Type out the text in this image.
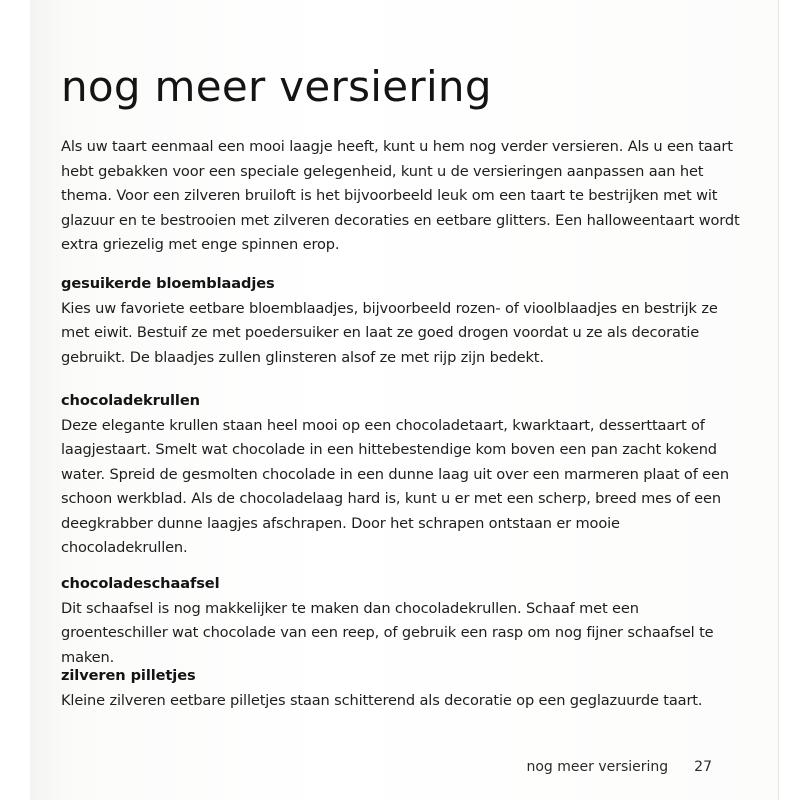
nog meer versiering

Als uw taart eenmaal een mooi laagje heeft, kunt u hem nog verder versieren. Als u een taart hebt gebakken voor een speciale gelegenheid, kunt u de versieringen aanpassen aan het thema. Voor een zilveren bruiloft is het bijvoorbeeld leuk om een taart te bestrijken met wit glazuur en te bestrooien met zilveren decoraties en eetbare glitters. Een halloweentaart wordt extra griezelig met enge spinnen erop.

gesuikerde bloemblaadjes

Kies uw favoriete eetbare bloemblaadjes, bijvoorbeeld rozen- of vioolblaadjes en bestrijk ze met eiwit. Bestuif ze met poedersuiker en laat ze goed drogen voordat u ze als decoratie gebruikt. De blaadjes zullen glinsteren alsof ze met rijp zijn bedekt.

chocoladekrullen

Deze elegante krullen staan heel mooi op een chocoladetaart, kwarktaart, desserttaart of laagjestaart. Smelt wat chocolade in een hittebestendige kom boven een pan zacht kokend water. Spreid de gesmolten chocolade in een dunne laag uit over een marmeren plaat of een schoon werkblad. Als de chocoladelaag hard is, kunt u er met een scherp, breed mes of een deegkrabber dunne laagjes afschrapen. Door het schrapen ontstaan er mooie chocoladekrullen.

chocoladeschaafsel

Dit schaafsel is nog makkelijker te maken dan chocoladekrullen. Schaaf met een groenteschiller wat chocolade van een reep, of gebruik een rasp om nog fijner schaafsel te maken.

zilveren pilletjes

Kleine zilveren eetbare pilletjes staan schitterend als decoratie op een geglazuurde taart.

nog meer versiering 27
